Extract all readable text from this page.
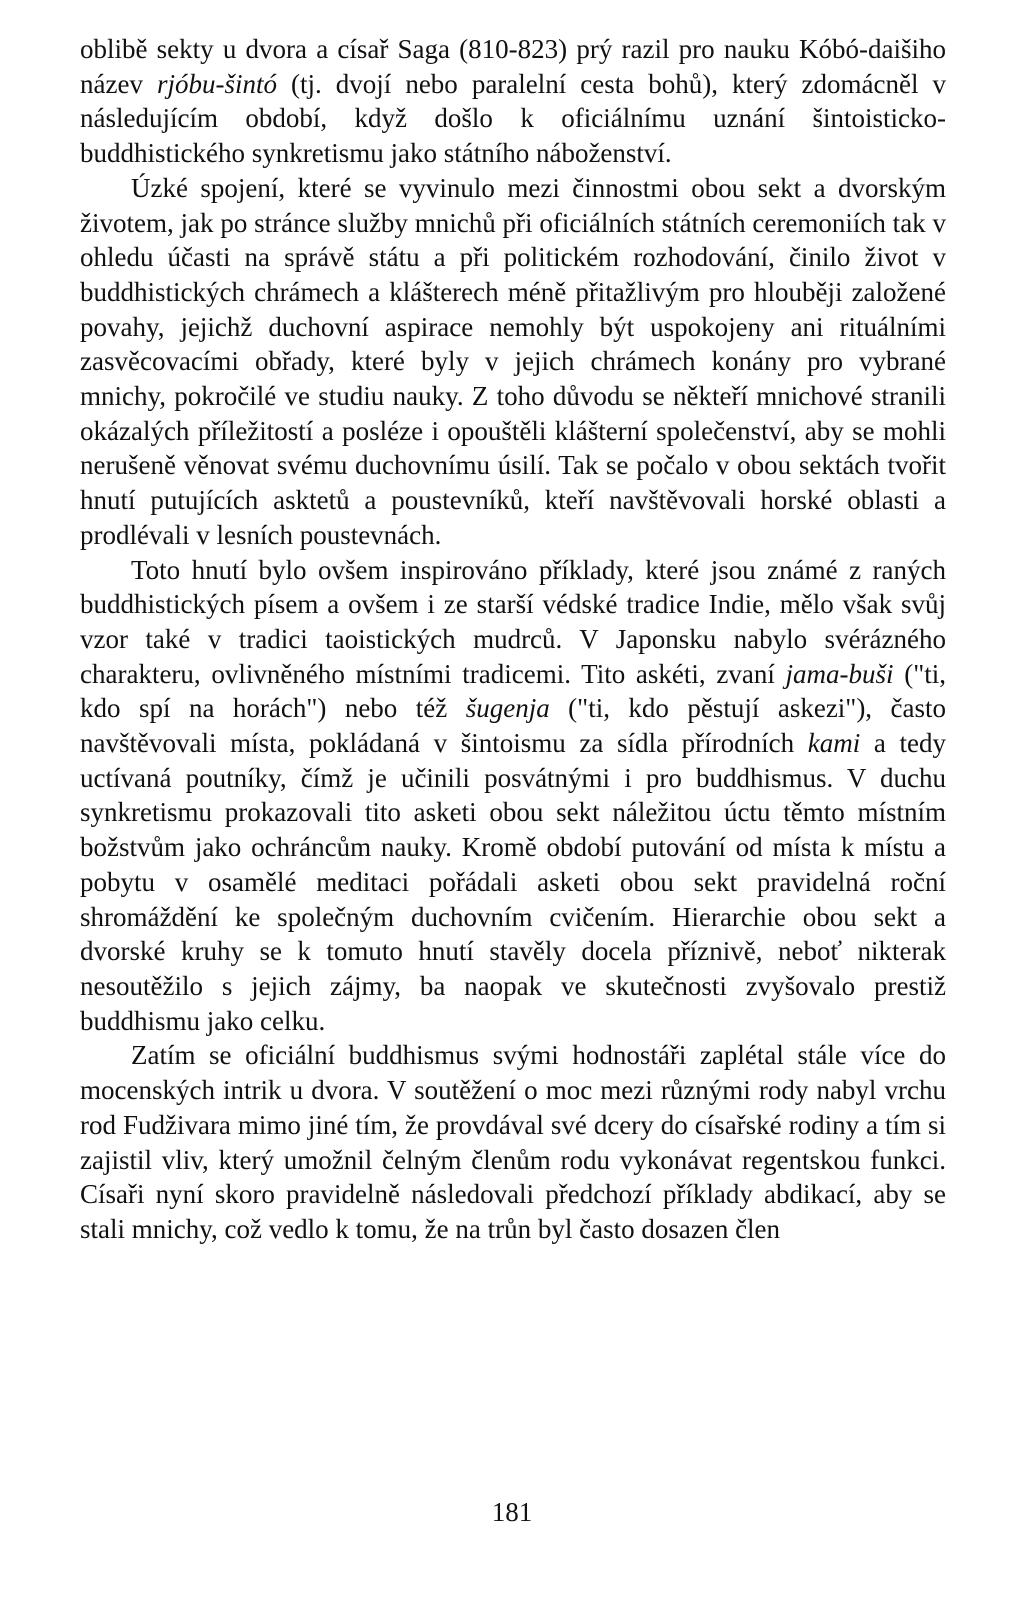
oblibě sekty u dvora a císař Saga (810-823) prý razil pro nauku Kóbó-daišiho název rjóbu-šintó (tj. dvojí nebo paralelní cesta bohů), který zdomácněl v následujícím období, když došlo k oficiálnímu uznání šintoisticko-buddhistického synkretismu jako státního náboženství.

Úzké spojení, které se vyvinulo mezi činnostmi obou sekt a dvorským životem, jak po stránce služby mnichů při oficiálních státních ceremoniích tak v ohledu účasti na správě státu a při politickém rozhodování, činilo život v buddhistických chrámech a klášterech méně přitažlivým pro hlouběji založené povahy, jejichž duchovní aspirace nemohly být uspokojeny ani rituálními zasvěcovacími obřady, které byly v jejich chrámech konány pro vybrané mnichy, pokročilé ve studiu nauky. Z toho důvodu se někteří mnichové stranili okázalých příležitostí a posléze i opouštěli klášterní společenství, aby se mohli nerušeně věnovat svému duchovnímu úsilí. Tak se počalo v obou sektách tvořit hnutí putujících asktetů a poustevníků, kteří navštěvovali horské oblasti a prodlévali v lesních poustevnách.

Toto hnutí bylo ovšem inspirováno příklady, které jsou známé z raných buddhistických písem a ovšem i ze starší védské tradice Indie, mělo však svůj vzor také v tradici taoistických mudrců. V Japonsku nabylo svérázného charakteru, ovlivněného místními tradicemi. Tito askéti, zvaní jama-buši ("ti, kdo spí na horách") nebo též šugenja ("ti, kdo pěstují askezi"), často navštěvovali místa, pokládaná v šintoismu za sídla přírodních kami a tedy uctívaná poutníky, čímž je učinili posvátnými i pro buddhismus. V duchu synkretismu prokazovali tito asketi obou sekt náležitou úctu těmto místním božstvům jako ochráncům nauky. Kromě období putování od místa k místu a pobytu v osamělé meditaci pořádali asketi obou sekt pravidelná roční shromáždění ke společným duchovním cvičením. Hierarchie obou sekt a dvorské kruhy se k tomuto hnutí stavěly docela příznivě, neboť nikterak nesoutěžilo s jejich zájmy, ba naopak ve skutečnosti zvyšovalo prestiž buddhismu jako celku.

Zatím se oficiální buddhismus svými hodnostáři zaplétal stále více do mocenských intrik u dvora. V soutěžení o moc mezi různými rody nabyl vrchu rod Fudživara mimo jiné tím, že provdával své dcery do císařské rodiny a tím si zajistil vliv, který umožnil čelným členům rodu vykonávat regentskou funkci. Císaři nyní skoro pravidelně následovali předchozí příklady abdikací, aby se stali mnichy, což vedlo k tomu, že na trůn byl často dosazen člen

181
